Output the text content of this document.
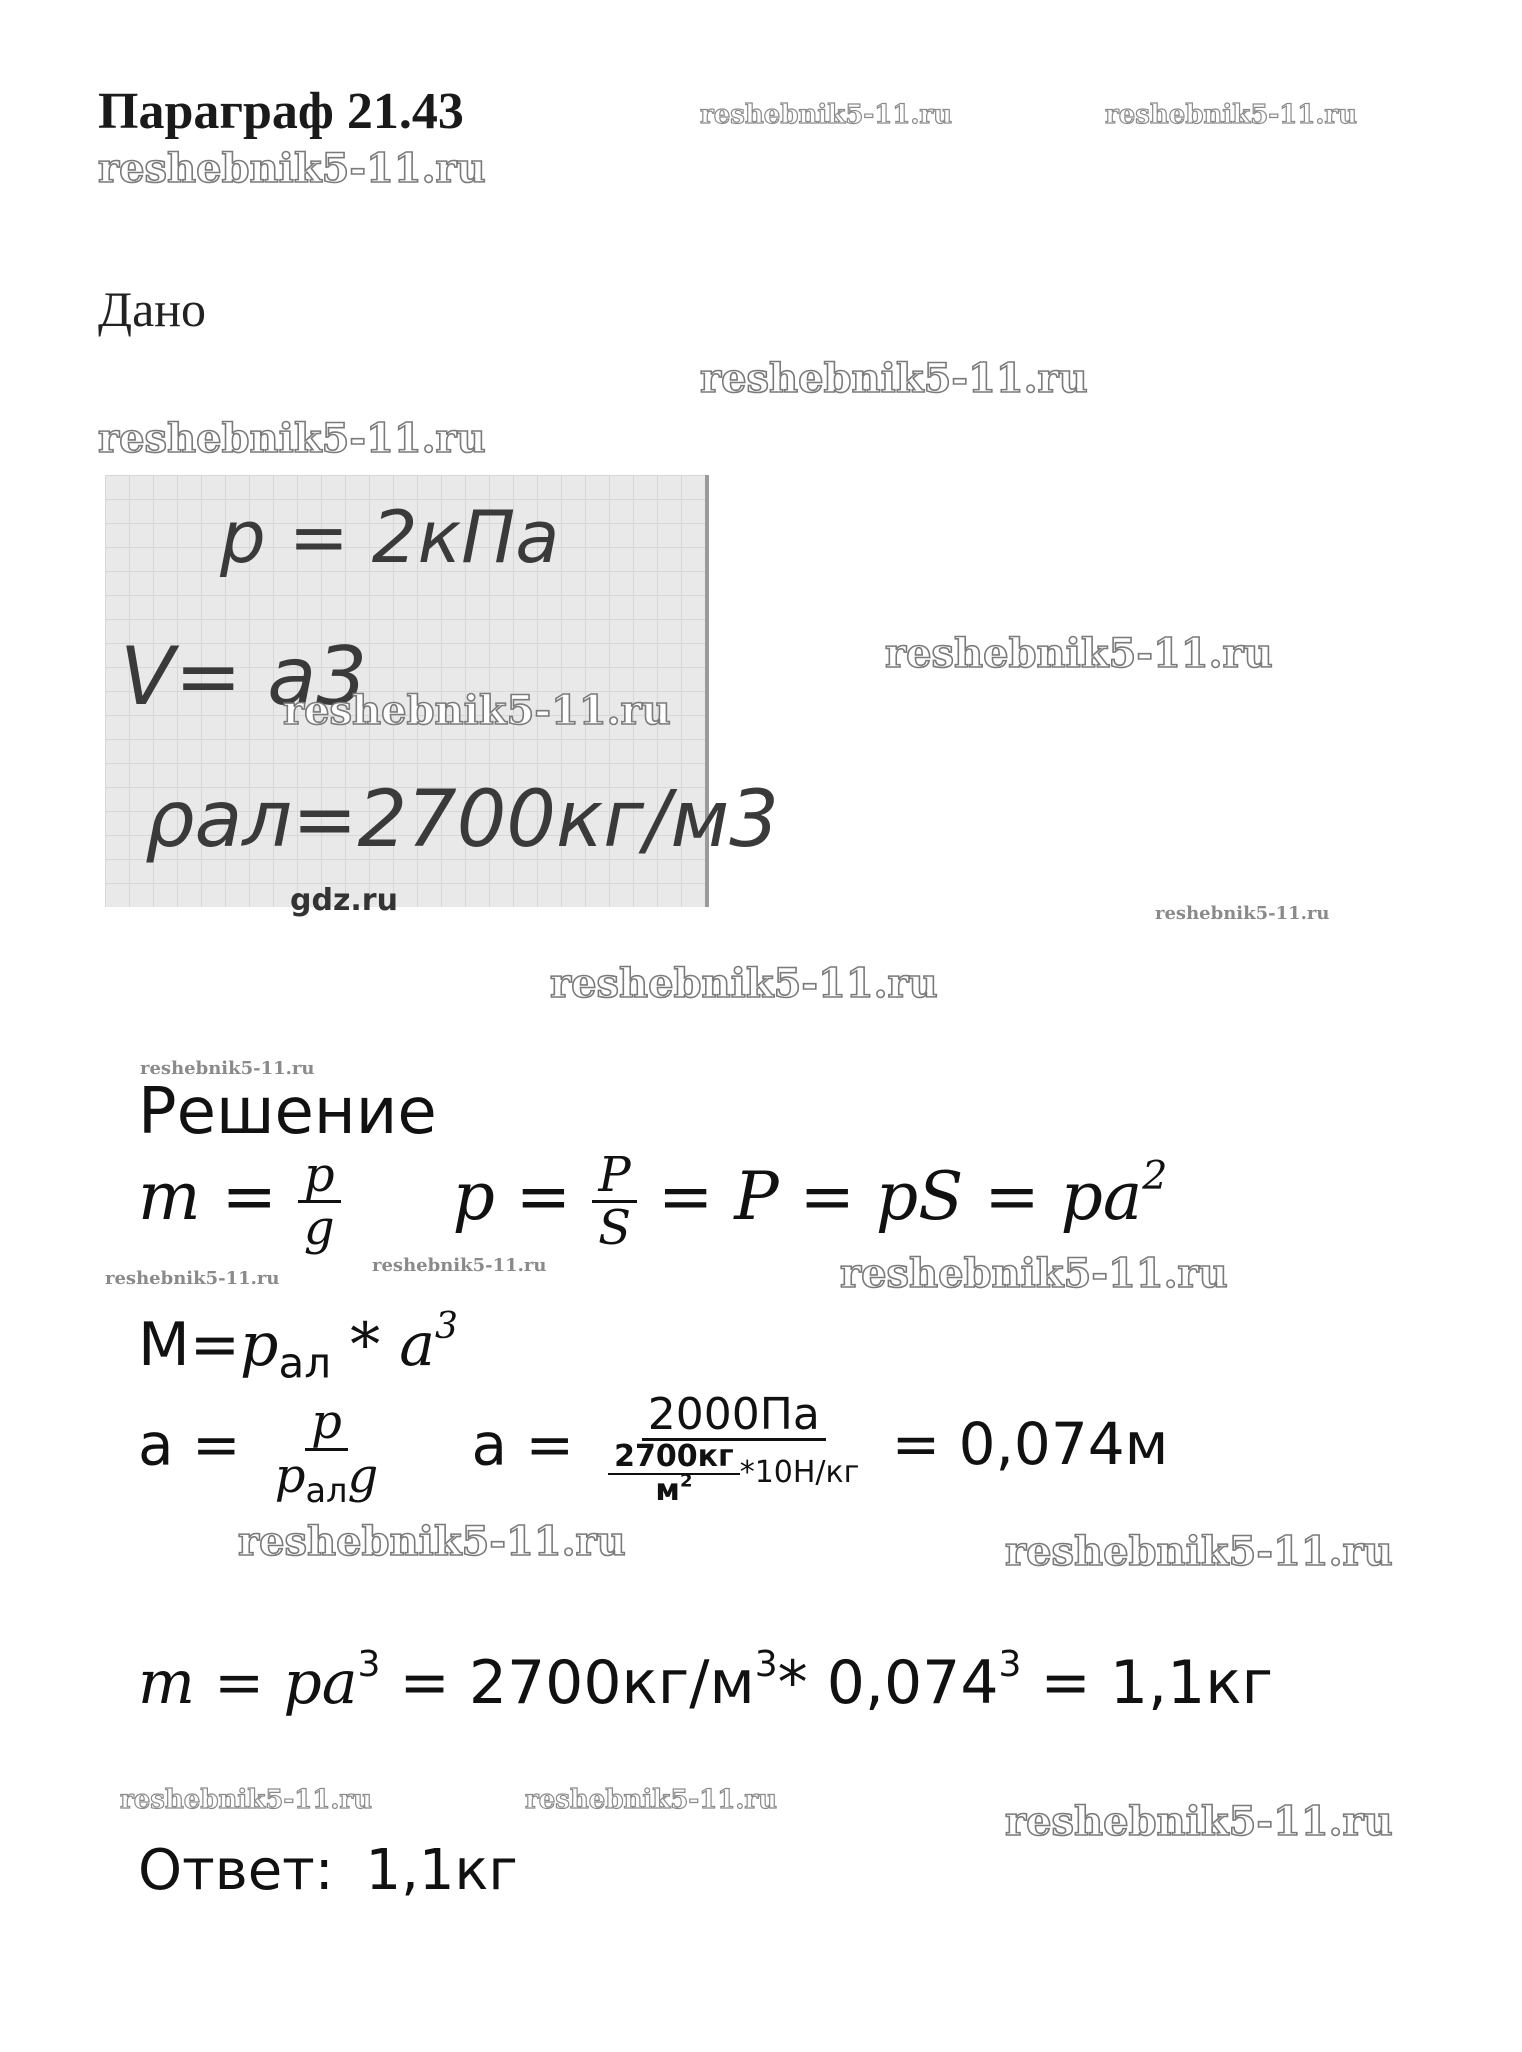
Параграф 21.43	reshebnik5-11.ru	reshebnik5-11.ru
reshebnik5-11.ru
reshebnik5-11.ru
reshebnik5-11.ru
reshebnik5-11.ru
reshebnik5-11.ru
reshebnik5-11.ru
reshebnik5-11.ru
reshebnik5-11.ru
reshebnik5-11.ru	reshebnik5-11.ru
reshebnik5-11.ru	reshebnik5-11.ru
reshebnik5-11.ru	reshebnik5-11.ru	reshebnik5-11.ru
Дано
p = 2кПа
V= a3
ρал=2700кг/м3
gdz.ru
reshebnik5-11.ru
Решение
$m = \frac{p}{g}$ $p = \frac{P}{S} = P$ = pS = $pa^2$
$M=p_{ал} * a^3$
$a = \frac{p}{p_{ал}g}$ $a = \frac{2000Па}{\frac{2700кг}{м^2} *10Н/кг} = 0,074м$
$m = pa^3 = 2700кг/м^3*$ $0,074^3 = 1,1кг$
Ответ: 1,1кг
